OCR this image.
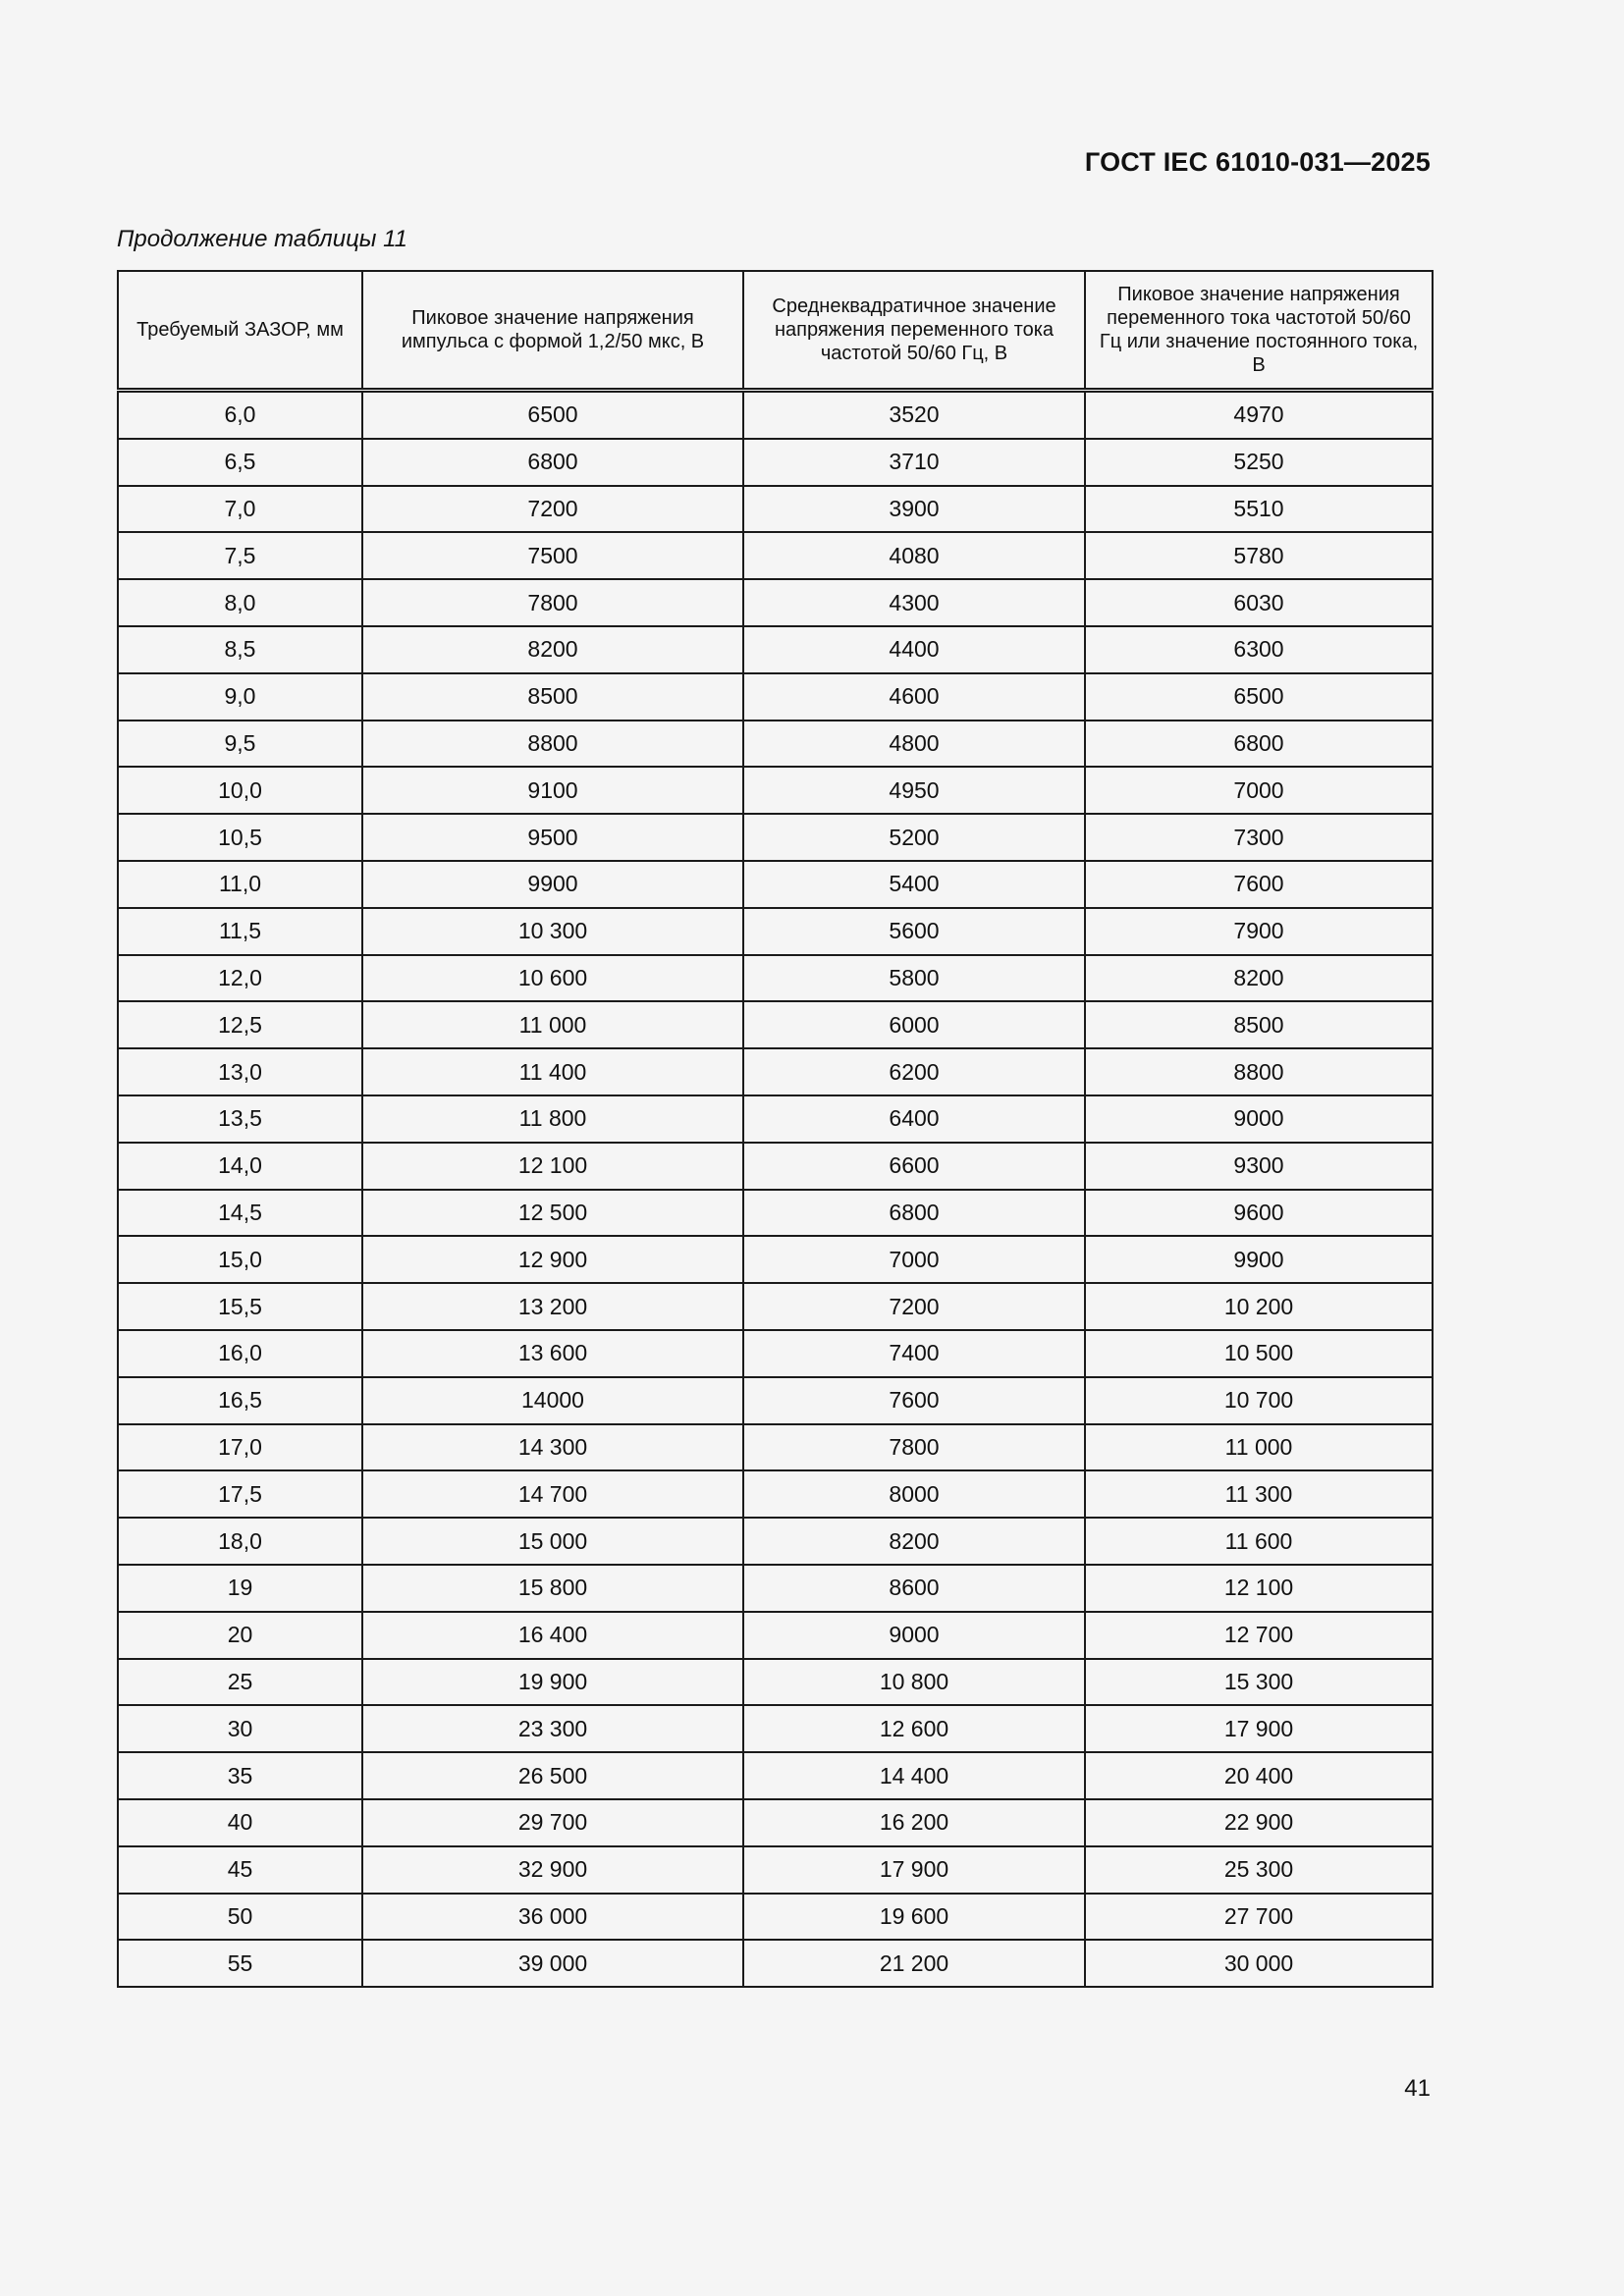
ГОСТ IEC 61010-031—2025
Продолжение таблицы 11
Требуемый ЗАЗОР, мм	Пиковое значение напряжения импульса с формой 1,2/50 мкс, В	Среднеквадратичное значение напряжения переменного тока частотой 50/60 Гц, В	Пиковое значение напряжения переменного тока частотой 50/60 Гц или значение постоянного тока, В
6,0	6500	3520	4970
6,5	6800	3710	5250
7,0	7200	3900	5510
7,5	7500	4080	5780
8,0	7800	4300	6030
8,5	8200	4400	6300
9,0	8500	4600	6500
9,5	8800	4800	6800
10,0	9100	4950	7000
10,5	9500	5200	7300
11,0	9900	5400	7600
11,5	10 300	5600	7900
12,0	10 600	5800	8200
12,5	11 000	6000	8500
13,0	11 400	6200	8800
13,5	11 800	6400	9000
14,0	12 100	6600	9300
14,5	12 500	6800	9600
15,0	12 900	7000	9900
15,5	13 200	7200	10 200
16,0	13 600	7400	10 500
16,5	14000	7600	10 700
17,0	14 300	7800	11 000
17,5	14 700	8000	11 300
18,0	15 000	8200	11 600
19	15 800	8600	12 100
20	16 400	9000	12 700
25	19 900	10 800	15 300
30	23 300	12 600	17 900
35	26 500	14 400	20 400
40	29 700	16 200	22 900
45	32 900	17 900	25 300
50	36 000	19 600	27 700
55	39 000	21 200	30 000
41
